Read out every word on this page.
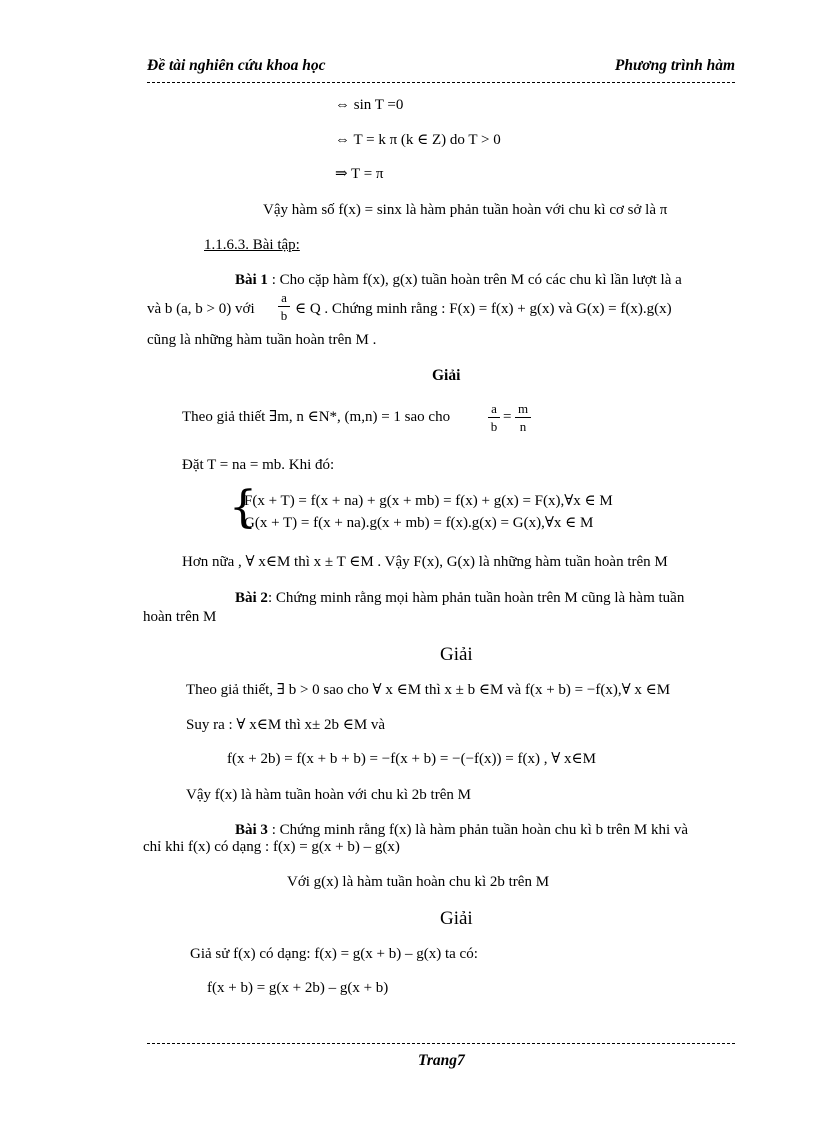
Đề tài nghiên cứu khoa học	Phương trình hàm
⇔ sin T =0
⇔ T = k π (k ∈ Z) do T > 0
⇒ T = π
Vậy hàm số f(x) = sinx là hàm phản tuần hoàn với chu kì cơ sở là π
1.1.6.3. Bài tập:
Bài 1 : Cho cặp hàm f(x), g(x) tuần hoàn trên M có các chu kì lần lượt là a
và b (a, b > 0) với
a
b ∈ Q . Chứng minh rằng : F(x) = f(x) + g(x) và G(x) = f(x).g(x)
cũng là những hàm tuần hoàn trên M .
Giải
Theo giả thiết ∃m, n ∈N*, (m,n) = 1 sao cho
a
b
=
m
n
Đặt T = na = mb. Khi đó:
{
F(x + T) = f(x + na) + g(x + mb) = f(x) + g(x) = F(x),∀x ∈ M
G(x + T) = f(x + na).g(x + mb) = f(x).g(x) = G(x),∀x ∈ M
Hơn nữa , ∀ x∈M thì x ± T ∈M . Vậy F(x), G(x) là những hàm tuần hoàn trên M
Bài 2: Chứng minh rằng mọi hàm phản tuần hoàn trên M cũng là hàm tuần
hoàn trên M
Giải
Theo giả thiết, ∃ b > 0 sao cho ∀ x ∈M thì x ± b ∈M và f(x + b) = −f(x),∀ x ∈M
Suy ra : ∀ x∈M thì x± 2b ∈M và
f(x + 2b) = f(x + b + b) = −f(x + b) = −(−f(x)) = f(x) , ∀ x∈M
Vậy f(x) là hàm tuần hoàn với chu kì 2b trên M
Bài 3 : Chứng minh rằng f(x) là hàm phản tuần hoàn chu kì b trên M khi và
chỉ khi f(x) có dạng : f(x) = g(x + b) – g(x)
Với g(x) là hàm tuần hoàn chu kì 2b trên M
Giải
Giả sử f(x) có dạng: f(x) = g(x + b) – g(x) ta có:
f(x + b) = g(x + 2b) – g(x + b)
Trang7
